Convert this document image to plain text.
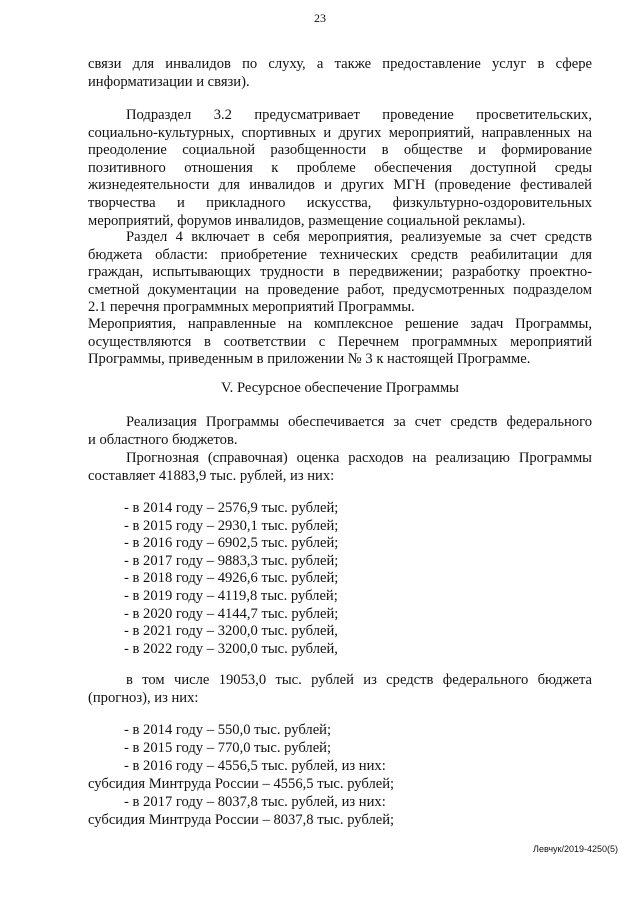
23
связи для инвалидов по слуху, а также предоставление услуг в сфере
информатизации и связи).
Подраздел 3.2 предусматривает проведение просветительских,
социально-культурных, спортивных и других мероприятий, направленных на
преодоление социальной разобщенности в обществе и формирование
позитивного отношения к проблеме обеспечения доступной среды
жизнедеятельности для инвалидов и других МГН (проведение фестивалей
творчества и прикладного искусства, физкультурно-оздоровительных
мероприятий, форумов инвалидов, размещение социальной рекламы).
Раздел 4 включает в себя мероприятия, реализуемые за счет средств
бюджета области: приобретение технических средств реабилитации для
граждан, испытывающих трудности в передвижении; разработку проектно-
сметной документации на проведение работ, предусмотренных подразделом
2.1 перечня программных мероприятий Программы.
Мероприятия, направленные на комплексное решение задач Программы,
осуществляются в соответствии с Перечнем программных мероприятий
Программы, приведенным в приложении № 3 к настоящей Программе.
V. Ресурсное обеспечение Программы
Реализация Программы обеспечивается за счет средств федерального
и областного бюджетов.
Прогнозная (справочная) оценка расходов на реализацию Программы
составляет 41883,9 тыс. рублей, из них:
- в 2014 году – 2576,9 тыс. рублей;
- в 2015 году – 2930,1 тыс. рублей;
- в 2016 году – 6902,5 тыс. рублей;
- в 2017 году – 9883,3 тыс. рублей;
- в 2018 году – 4926,6 тыс. рублей;
- в 2019 году – 4119,8 тыс. рублей;
- в 2020 году – 4144,7 тыс. рублей;
- в 2021 году – 3200,0 тыс. рублей,
- в 2022 году – 3200,0 тыс. рублей,
в том числе 19053,0 тыс. рублей из средств федерального бюджета
(прогноз), из них:
- в 2014 году – 550,0 тыс. рублей;
- в 2015 году – 770,0 тыс. рублей;
- в 2016 году – 4556,5 тыс. рублей, из них:
субсидия Минтруда России – 4556,5 тыс. рублей;
- в 2017 году – 8037,8 тыс. рублей, из них:
субсидия Минтруда России – 8037,8 тыс. рублей;
Левчук/2019-4250(5)
